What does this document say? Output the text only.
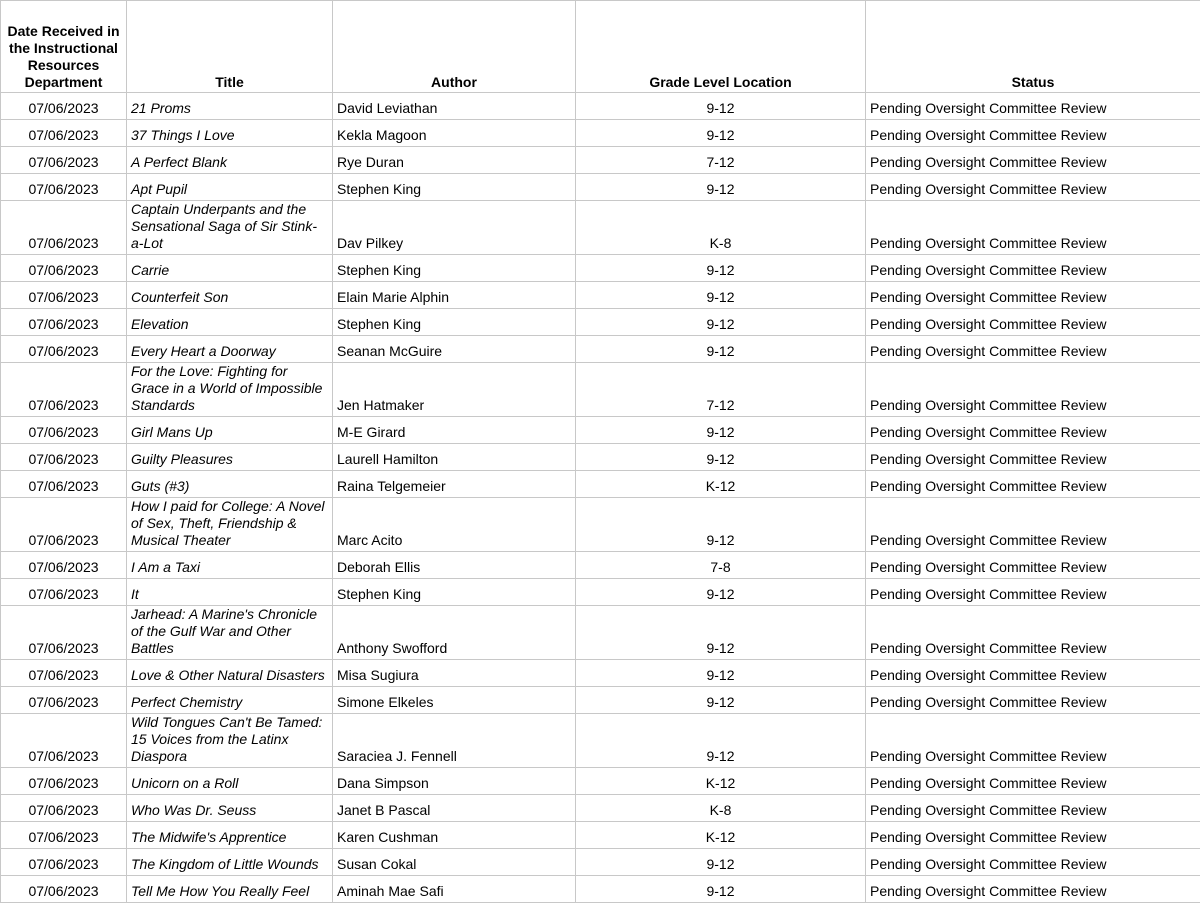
Date Received in the Instructional Resources Department	Title	Author	Grade Level Location	Status
07/06/2023	21 Proms	David Leviathan	9-12	Pending Oversight Committee Review
07/06/2023	37 Things I Love	Kekla Magoon	9-12	Pending Oversight Committee Review
07/06/2023	A Perfect Blank	Rye Duran	7-12	Pending Oversight Committee Review
07/06/2023	Apt Pupil	Stephen King	9-12	Pending Oversight Committee Review
07/06/2023	Captain Underpants and the Sensational Saga of Sir Stink-a-Lot	Dav Pilkey	K-8	Pending Oversight Committee Review
07/06/2023	Carrie	Stephen King	9-12	Pending Oversight Committee Review
07/06/2023	Counterfeit Son	Elain Marie Alphin	9-12	Pending Oversight Committee Review
07/06/2023	Elevation	Stephen King	9-12	Pending Oversight Committee Review
07/06/2023	Every Heart a Doorway	Seanan McGuire	9-12	Pending Oversight Committee Review
07/06/2023	For the Love: Fighting for Grace in a World of Impossible Standards	Jen Hatmaker	7-12	Pending Oversight Committee Review
07/06/2023	Girl Mans Up	M-E Girard	9-12	Pending Oversight Committee Review
07/06/2023	Guilty Pleasures	Laurell Hamilton	9-12	Pending Oversight Committee Review
07/06/2023	Guts (#3)	Raina Telgemeier	K-12	Pending Oversight Committee Review
07/06/2023	How I paid for College: A Novel of Sex, Theft, Friendship & Musical Theater	Marc Acito	9-12	Pending Oversight Committee Review
07/06/2023	I Am a Taxi	Deborah Ellis	7-8	Pending Oversight Committee Review
07/06/2023	It	Stephen King	9-12	Pending Oversight Committee Review
07/06/2023	Jarhead: A Marine's Chronicle of the Gulf War and Other Battles	Anthony Swofford	9-12	Pending Oversight Committee Review
07/06/2023	Love & Other Natural Disasters	Misa Sugiura	9-12	Pending Oversight Committee Review
07/06/2023	Perfect Chemistry	Simone Elkeles	9-12	Pending Oversight Committee Review
07/06/2023	Wild Tongues Can't Be Tamed: 15 Voices from the Latinx Diaspora	Saraciea J. Fennell	9-12	Pending Oversight Committee Review
07/06/2023	Unicorn on a Roll	Dana Simpson	K-12	Pending Oversight Committee Review
07/06/2023	Who Was Dr. Seuss	Janet B Pascal	K-8	Pending Oversight Committee Review
07/06/2023	The Midwife's Apprentice	Karen Cushman	K-12	Pending Oversight Committee Review
07/06/2023	The Kingdom of Little Wounds	Susan Cokal	9-12	Pending Oversight Committee Review
07/06/2023	Tell Me How You Really Feel	Aminah Mae Safi	9-12	Pending Oversight Committee Review
